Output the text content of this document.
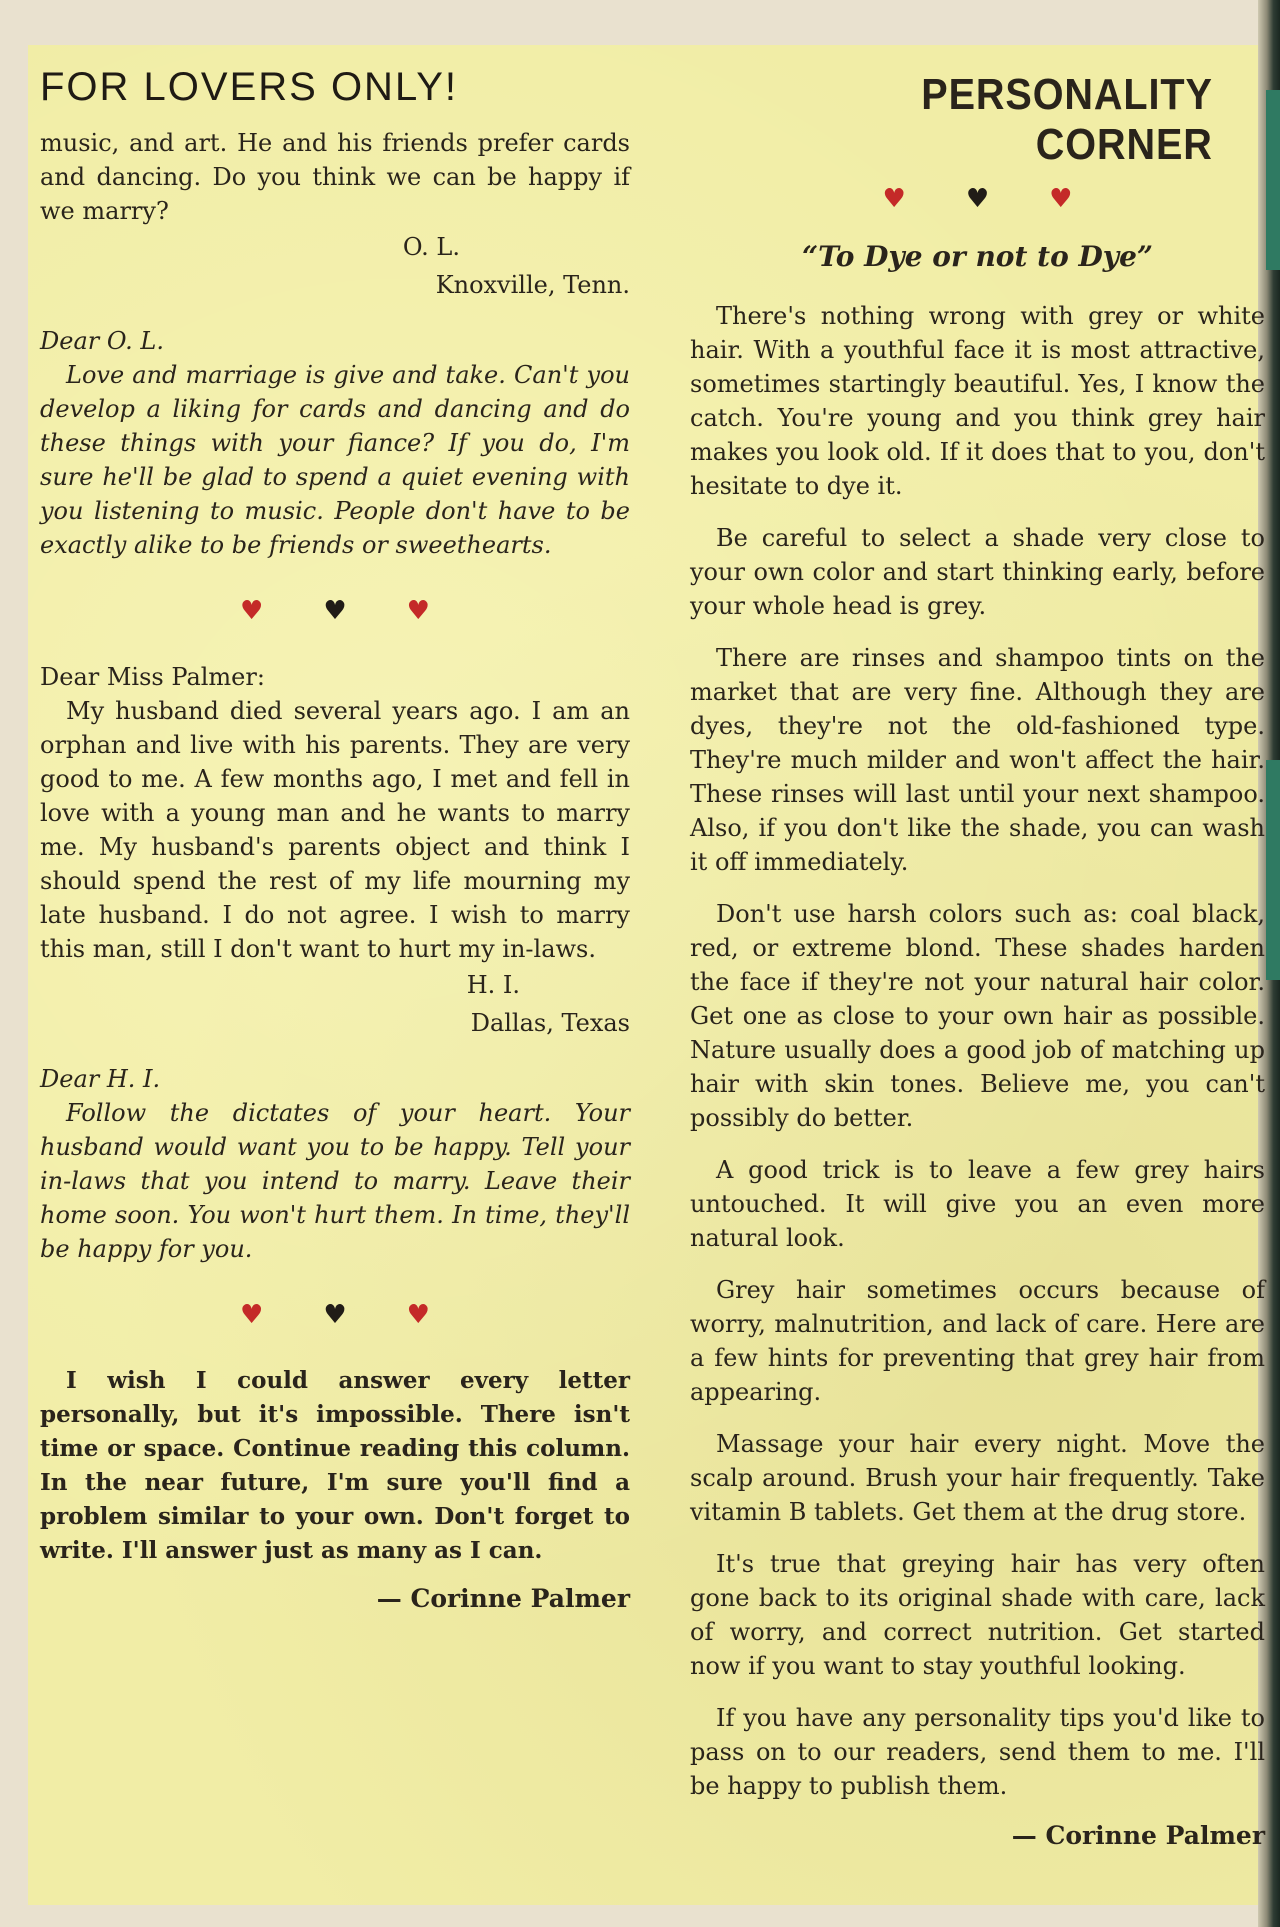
FOR LOVERS ONLY!

music, and art. He and his friends prefer cards and dancing. Do you think we can be happy if we marry?

O. L.
Knoxville, Tenn.
Dear O. L.

Love and marriage is give and take. Can't you develop a liking for cards and dancing and do these things with your fiance? If you do, I'm sure he'll be glad to spend a quiet evening with you listening to music. People don't have to be exactly alike to be friends or sweethearts.

♥ ♥ ♥
Dear Miss Palmer:

My husband died several years ago. I am an orphan and live with his parents. They are very good to me. A few months ago, I met and fell in love with a young man and he wants to marry me. My husband's parents object and think I should spend the rest of my life mourning my late husband. I do not agree. I wish to marry this man, still I don't want to hurt my in-laws.

H. I.
Dallas, Texas
Dear H. I.

Follow the dictates of your heart. Your husband would want you to be happy. Tell your in-laws that you intend to marry. Leave their home soon. You won't hurt them. In time, they'll be happy for you.

♥ ♥ ♥

I wish I could answer every letter personally, but it's impossible. There isn't time or space. Continue reading this column. In the near future, I'm sure you'll find a problem similar to your own. Don't forget to write. I'll answer just as many as I can.

— Corinne Palmer
PERSONALITY CORNER
♥ ♥ ♥
“To Dye or not to Dye”

There's nothing wrong with grey or white hair. With a youthful face it is most attractive, sometimes startingly beautiful. Yes, I know the catch. You're young and you think grey hair makes you look old. If it does that to you, don't hesitate to dye it.

Be careful to select a shade very close to your own color and start thinking early, before your whole head is grey.

There are rinses and shampoo tints on the market that are very fine. Although they are dyes, they're not the old-fashioned type. They're much milder and won't affect the hair. These rinses will last until your next shampoo. Also, if you don't like the shade, you can wash it off immediately.

Don't use harsh colors such as: coal black, red, or extreme blond. These shades harden the face if they're not your natural hair color. Get one as close to your own hair as possible. Nature usually does a good job of matching up hair with skin tones. Believe me, you can't possibly do better.

A good trick is to leave a few grey hairs untouched. It will give you an even more natural look.

Grey hair sometimes occurs because of worry, malnutrition, and lack of care. Here are a few hints for preventing that grey hair from appearing.

Massage your hair every night. Move the scalp around. Brush your hair frequently. Take vitamin B tablets. Get them at the drug store.

It's true that greying hair has very often gone back to its original shade with care, lack of worry, and correct nutrition. Get started now if you want to stay youthful looking.

If you have any personality tips you'd like to pass on to our readers, send them to me. I'll be happy to publish them.

— Corinne Palmer
